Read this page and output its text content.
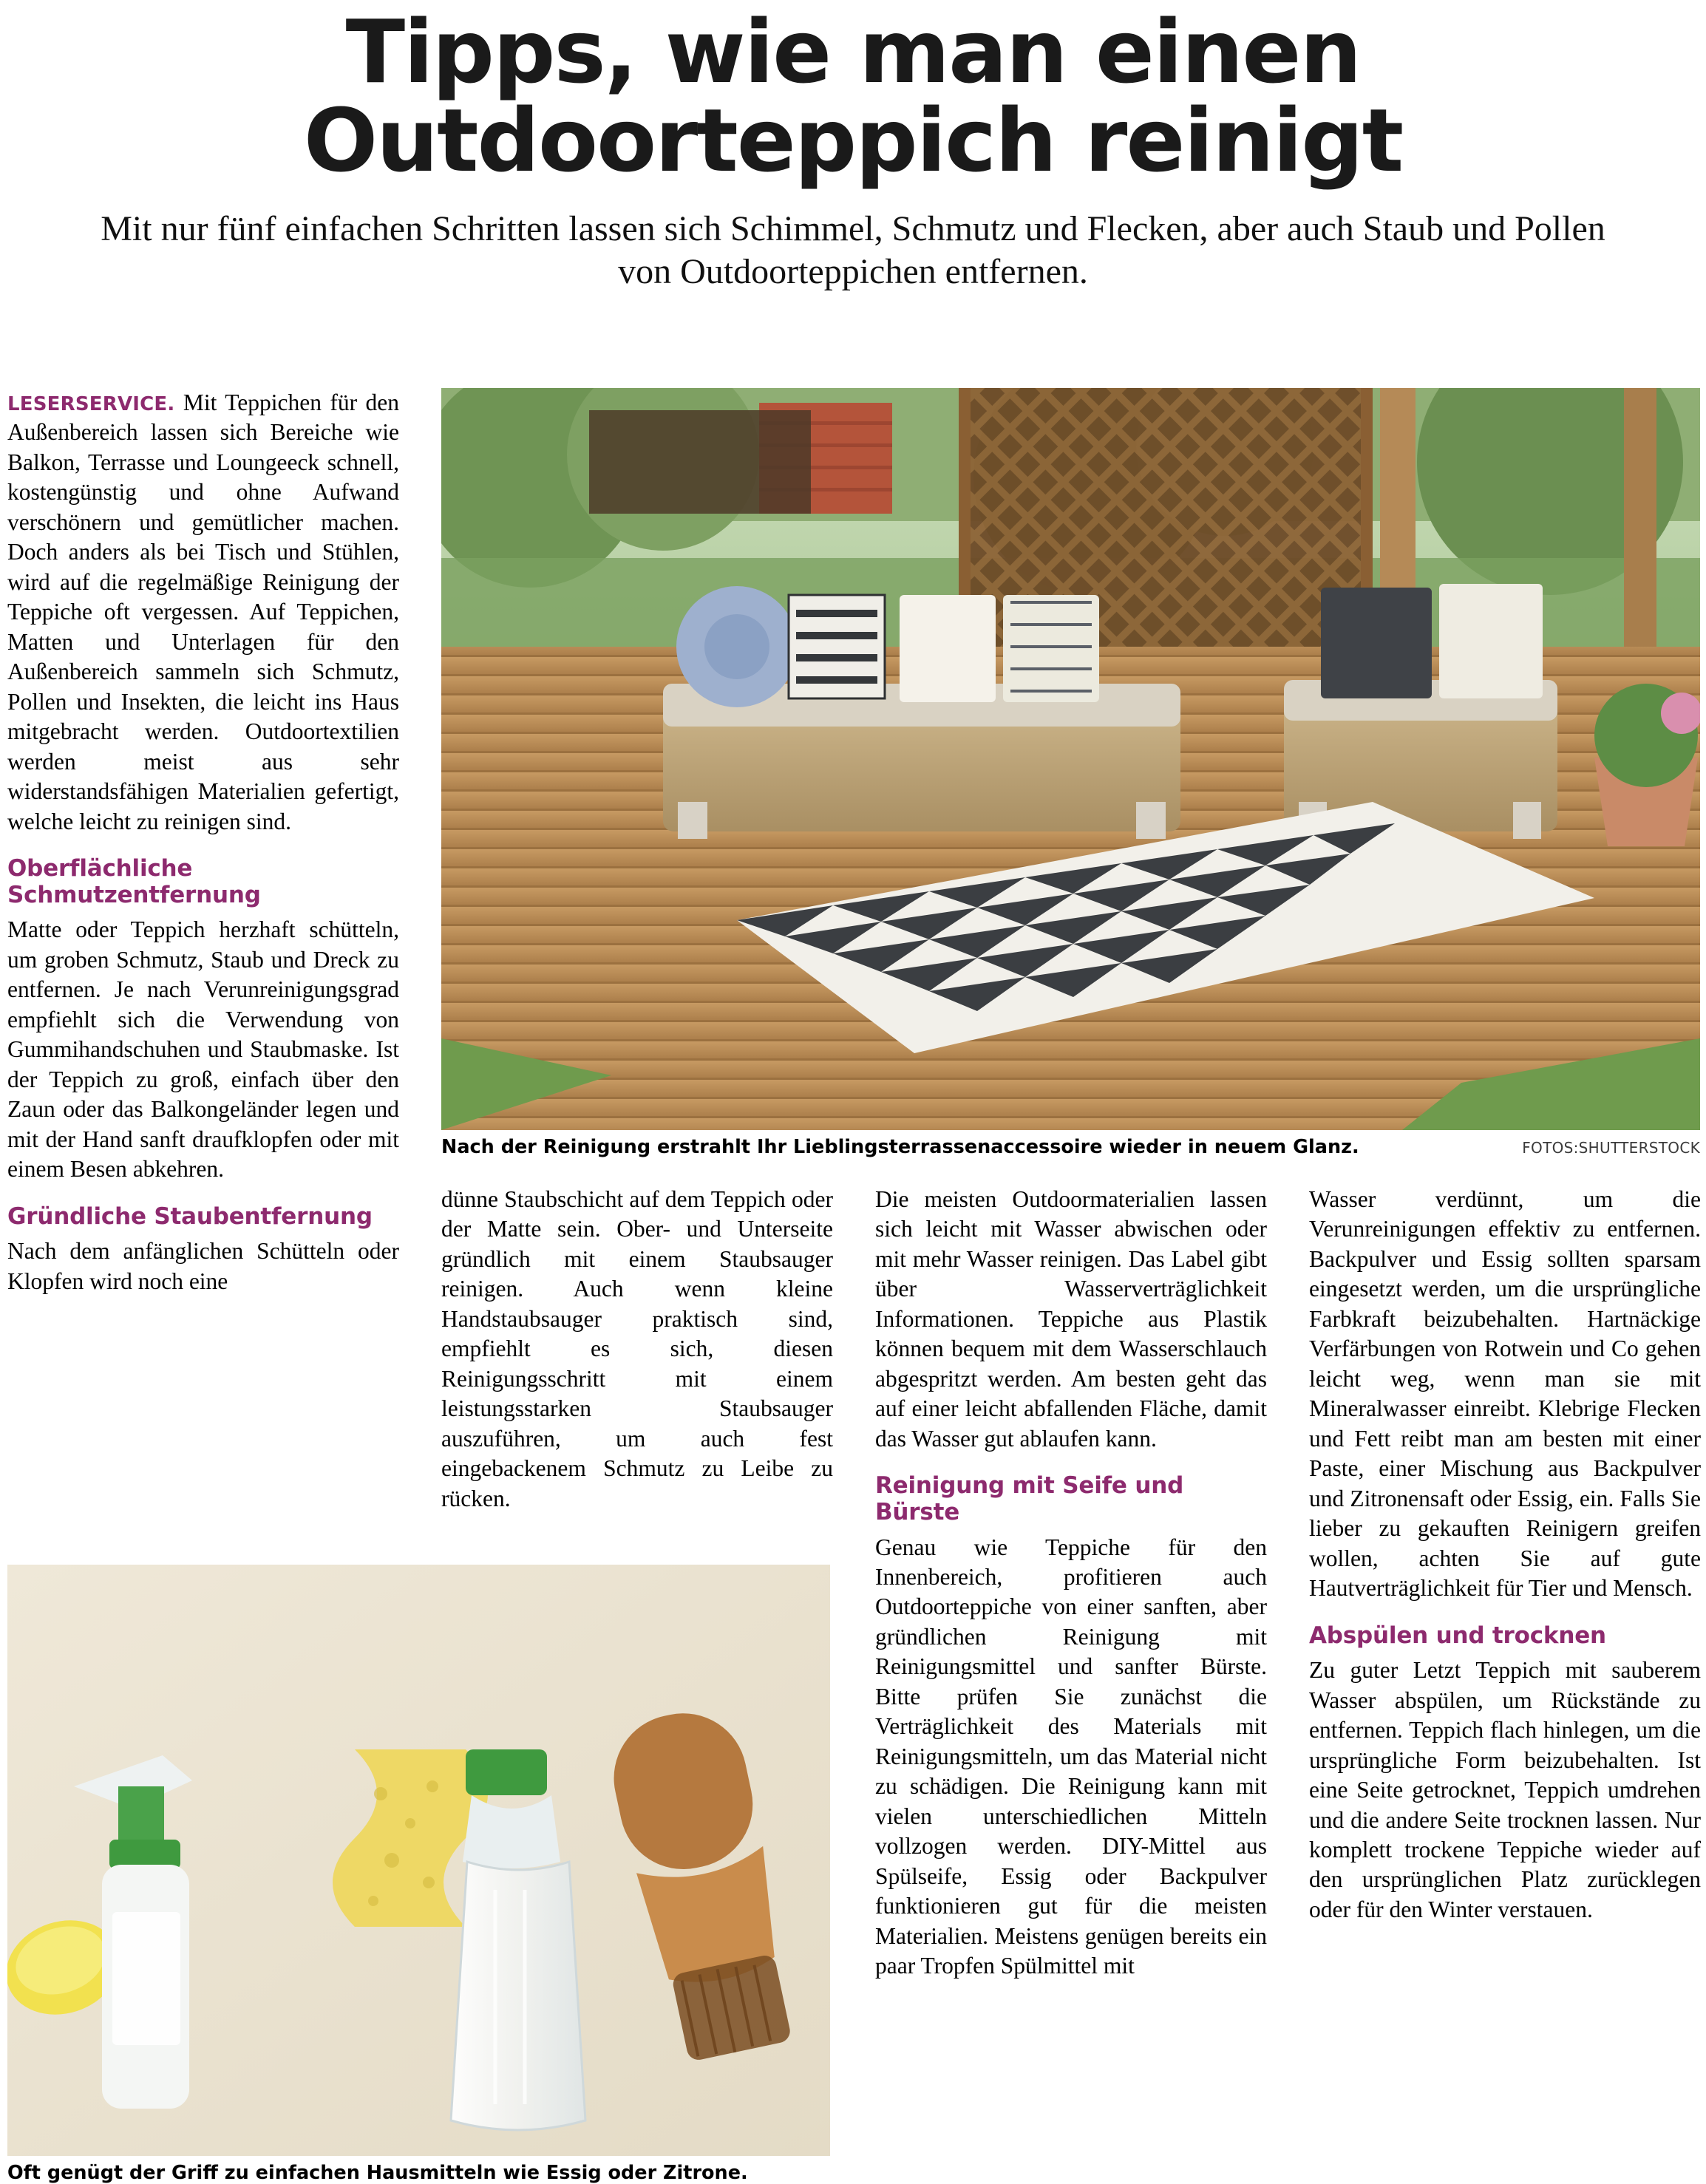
Tipps, wie man einen
Outdoorteppich reinigt
Mit nur fünf einfachen Schritten lassen sich Schimmel, Schmutz und Flecken, aber auch Staub und Pollen von Outdoorteppichen entfernen.

LESERSERVICE. Mit Teppichen für den Außenbereich lassen sich Bereiche wie Balkon, Terrasse und Loungeeck schnell, kostengünstig und ohne Aufwand verschönern und gemütlicher machen. Doch anders als bei Tisch und Stühlen, wird auf die regelmäßige Reinigung der Teppiche oft vergessen. Auf Teppichen, Matten und Unterlagen für den Außenbereich sammeln sich Schmutz, Pollen und Insekten, die leicht ins Haus mitgebracht werden. Outdoortextilien werden meist aus sehr widerstandsfähigen Materialien gefertigt, welche leicht zu reinigen sind.

Oberflächliche Schmutzentfernung

Matte oder Teppich herzhaft schütteln, um groben Schmutz, Staub und Dreck zu entfernen. Je nach Verunreinigungsgrad empfiehlt sich die Verwendung von Gummihandschuhen und Staubmaske. Ist der Teppich zu groß, einfach über den Zaun oder das Balkongeländer legen und mit der Hand sanft draufklopfen oder mit einem Besen abkehren.

Gründliche Staubentfernung

Nach dem anfänglichen Schütteln oder Klopfen wird noch eine

Nach der Reinigung erstrahlt Ihr Lieblingsterrassenaccessoire wieder in neuem Glanz.	FOTOS:SHUTTERSTOCK

dünne Staubschicht auf dem Teppich oder der Matte sein. Ober- und Unterseite gründlich mit einem Staubsauger reinigen. Auch wenn kleine Handstaubsauger praktisch sind, empfiehlt es sich, diesen Reinigungsschritt mit einem leistungsstarken Staubsauger auszuführen, um auch fest eingebackenem Schmutz zu Leibe zu rücken.

Die meisten Outdoormaterialien lassen sich leicht mit Wasser abwischen oder mit mehr Wasser reinigen. Das Label gibt über Wasserverträglichkeit Informationen. Teppiche aus Plastik können bequem mit dem Wasserschlauch abgespritzt werden. Am besten geht das auf einer leicht abfallenden Fläche, damit das Wasser gut ablaufen kann.

Reinigung mit Seife und Bürste

Genau wie Teppiche für den Innenbereich, profitieren auch Outdoorteppiche von einer sanften, aber gründlichen Reinigung mit Reinigungsmittel und sanfter Bürste. Bitte prüfen Sie zunächst die Verträglichkeit des Materials mit Reinigungsmitteln, um das Material nicht zu schädigen. Die Reinigung kann mit vielen unterschiedlichen Mitteln vollzogen werden. DIY-Mittel aus Spülseife, Essig oder Backpulver funktionieren gut für die meisten Materialien. Meistens genügen bereits ein paar Tropfen Spülmittel mit

Wasser verdünnt, um die Verunreinigungen effektiv zu entfernen. Backpulver und Essig sollten sparsam eingesetzt werden, um die ursprüngliche Farbkraft beizubehalten. Hartnäckige Verfärbungen von Rotwein und Co gehen leicht weg, wenn man sie mit Mineralwasser einreibt. Klebrige Flecken und Fett reibt man am besten mit einer Paste, einer Mischung aus Backpulver und Zitronensaft oder Essig, ein. Falls Sie lieber zu gekauften Reinigern greifen wollen, achten Sie auf gute Hautverträglichkeit für Tier und Mensch.

Abspülen und trocknen

Zu guter Letzt Teppich mit sauberem Wasser abspülen, um Rückstände zu entfernen. Teppich flach hinlegen, um die ursprüngliche Form beizubehalten. Ist eine Seite getrocknet, Teppich umdrehen und die andere Seite trocknen lassen. Nur komplett trockene Teppiche wieder auf den ursprünglichen Platz zurücklegen oder für den Winter verstauen.

Oft genügt der Griff zu einfachen Hausmitteln wie Essig oder Zitrone.
